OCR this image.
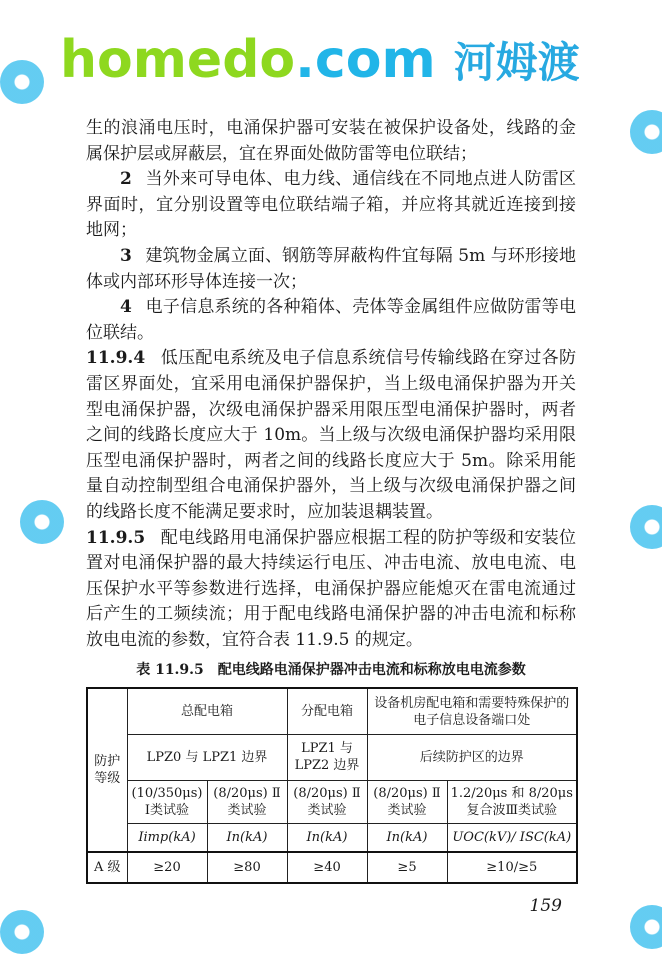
homedo.com 河姆渡

生的浪涌电压时，电涌保护器可安装在被保护设备处，线路的金属保护层或屏蔽层，宜在界面处做防雷等电位联结；

2 当外来可导电体、电力线、通信线在不同地点进人防雷区界面时，宜分别设置等电位联结端子箱，并应将其就近连接到接地网；

3 建筑物金属立面、钢筋等屏蔽构件宜每隔 5m 与环形接地体或内部环形导体连接一次；

4 电子信息系统的各种箱体、壳体等金属组件应做防雷等电位联结。

11.9.4 低压配电系统及电子信息系统信号传输线路在穿过各防雷区界面处，宜采用电涌保护器保护，当上级电涌保护器为开关型电涌保护器，次级电涌保护器采用限压型电涌保护器时，两者之间的线路长度应大于 10m。当上级与次级电涌保护器均采用限压型电涌保护器时，两者之间的线路长度应大于 5m。除采用能量自动控制型组合电涌保护器外，当上级与次级电涌保护器之间的线路长度不能满足要求时，应加装退耦装置。

11.9.5 配电线路用电涌保护器应根据工程的防护等级和安装位置对电涌保护器的最大持续运行电压、冲击电流、放电电流、电压保护水平等参数进行选择，电涌保护器应能熄灭在雷电流通过后产生的工频续流；用于配电线路电涌保护器的冲击电流和标称放电电流的参数，宜符合表 11.9.5 的规定。

表 11.9.5　配电线路电涌保护器冲击电流和标称放电电流参数
防护等级	总配电箱		分配电箱	设备机房配电箱和需要特殊保护的电子信息设备端口处	
	LPZ0 与 LPZ1 边界		LPZ1 与 LPZ2 边界	后续防护区的边界	
	(10/350μs) Ⅰ类试验	(8/20μs) Ⅱ类试验	(8/20μs) Ⅱ类试验	(8/20μs) Ⅱ类试验	1.2/20μs 和 8/20μs 复合波Ⅲ类试验
	Iimp(kA)	In(kA)	In(kA)	In(kA)	UOC(kV)/ ISC(kA)
A 级	≥20	≥80	≥40	≥5	≥10/≥5
159
